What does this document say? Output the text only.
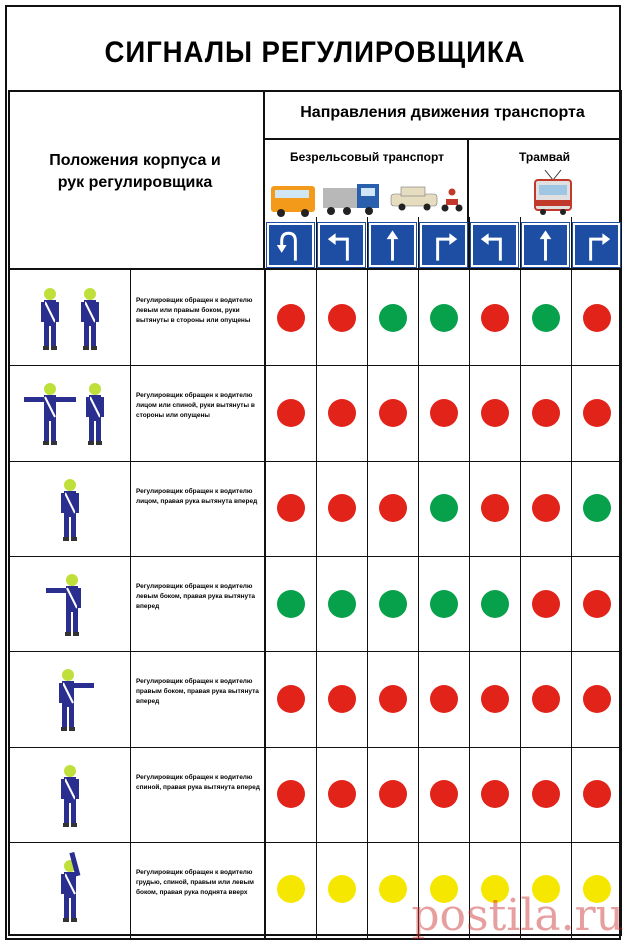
СИГНАЛЫ РЕГУЛИРОВЩИКА
Положения корпуса и рук регулировщика
Направления движения транспорта
Безрельсовый транспорт	Трамвай
Регулировщик обращен к водителю левым или правым боком, руки вытянуты в стороны или опущены
Регулировщик обращен к водителю лицом или спиной, руки вытянуты в стороны или опущены
Регулировщик обращен к водителю лицом, правая рука вытянута вперед
Регулировщик обращен к водителю левым боком, правая рука вытянута вперед
Регулировщик обращен к водителю правым боком, правая рука вытянута вперед
Регулировщик обращен к водителю спиной, правая рука вытянута вперед
Регулировщик обращен к водителю грудью, спиной, правым или левым боком, правая рука поднята вверх	postila.ru
